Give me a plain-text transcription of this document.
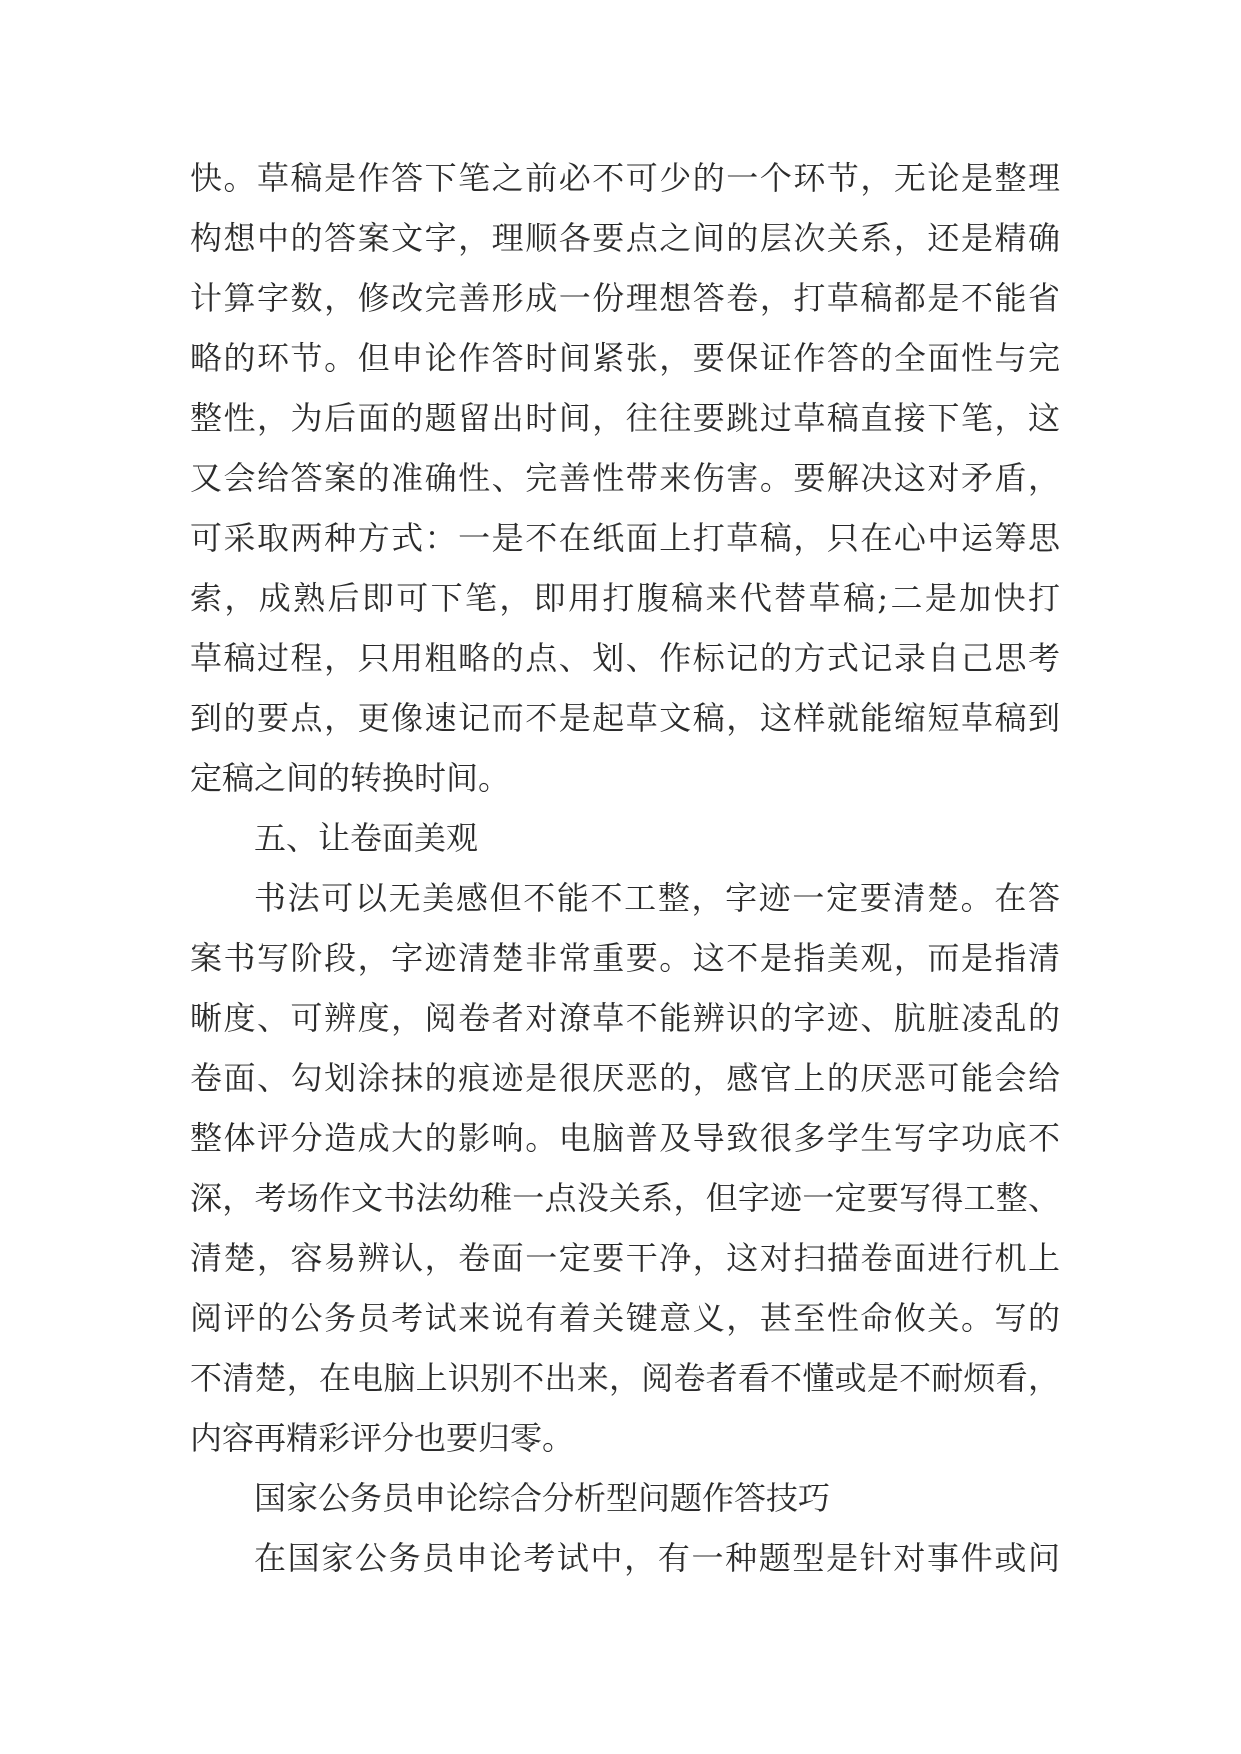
快。草稿是作答下笔之前必不可少的一个环节，无论是整理
构想中的答案文字，理顺各要点之间的层次关系，还是精确
计算字数，修改完善形成一份理想答卷，打草稿都是不能省
略的环节。但申论作答时间紧张，要保证作答的全面性与完
整性，为后面的题留出时间，往往要跳过草稿直接下笔，这
又会给答案的准确性、完善性带来伤害。要解决这对矛盾，
可采取两种方式：一是不在纸面上打草稿，只在心中运筹思
索，成熟后即可下笔，即用打腹稿来代替草稿;二是加快打
草稿过程，只用粗略的点、划、作标记的方式记录自己思考
到的要点，更像速记而不是起草文稿，这样就能缩短草稿到
定稿之间的转换时间。
五、让卷面美观
书法可以无美感但不能不工整，字迹一定要清楚。在答
案书写阶段，字迹清楚非常重要。这不是指美观，而是指清
晰度、可辨度，阅卷者对潦草不能辨识的字迹、肮脏凌乱的
卷面、勾划涂抹的痕迹是很厌恶的，感官上的厌恶可能会给
整体评分造成大的影响。电脑普及导致很多学生写字功底不
深，考场作文书法幼稚一点没关系，但字迹一定要写得工整、
清楚，容易辨认，卷面一定要干净，这对扫描卷面进行机上
阅评的公务员考试来说有着关键意义，甚至性命攸关。写的
不清楚，在电脑上识别不出来，阅卷者看不懂或是不耐烦看，
内容再精彩评分也要归零。
国家公务员申论综合分析型问题作答技巧
在国家公务员申论考试中，有一种题型是针对事件或问
